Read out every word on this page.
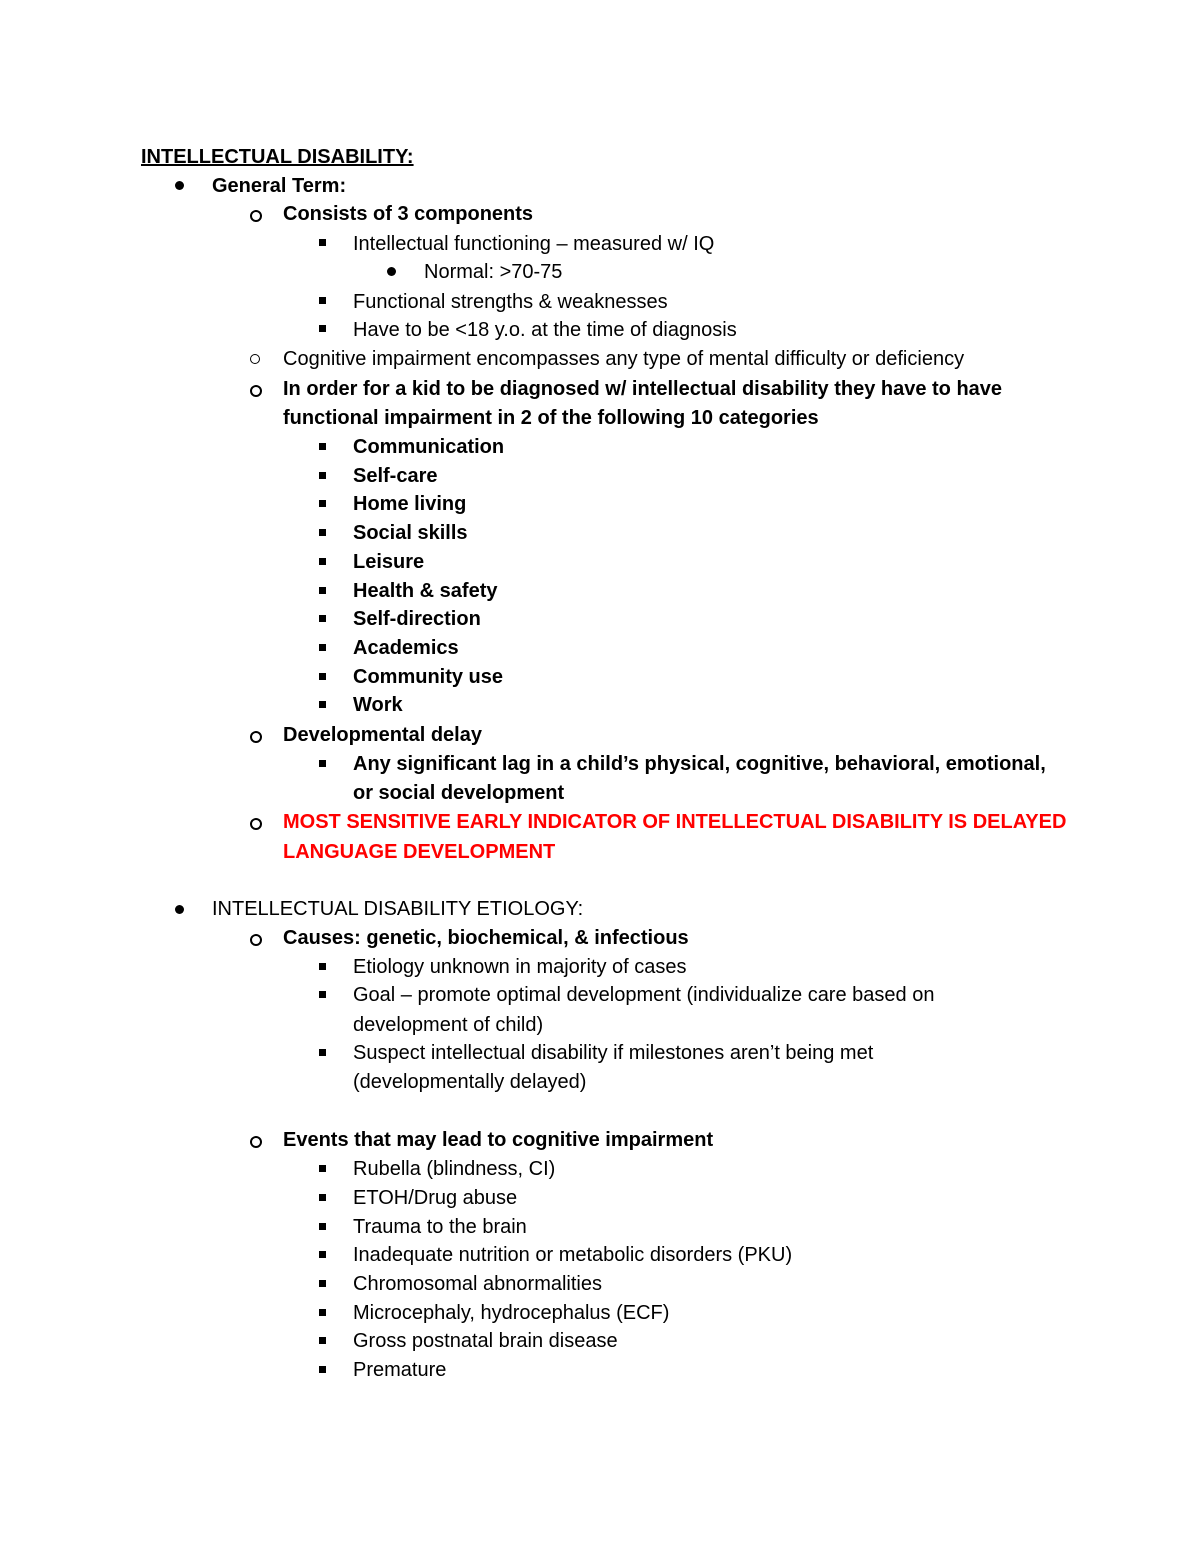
INTELLECTUAL DISABILITY:
General Term:
Consists of 3 components
Intellectual functioning – measured w/ IQ
Normal: >70-75
Functional strengths & weaknesses
Have to be <18 y.o. at the time of diagnosis
Cognitive impairment encompasses any type of mental difficulty or deficiency
In order for a kid to be diagnosed w/ intellectual disability they have to have
functional impairment in 2 of the following 10 categories
Communication
Self-care
Home living
Social skills
Leisure
Health & safety
Self-direction
Academics
Community use
Work
Developmental delay
Any significant lag in a child’s physical, cognitive, behavioral, emotional,
or social development
MOST SENSITIVE EARLY INDICATOR OF INTELLECTUAL DISABILITY IS DELAYED
LANGUAGE DEVELOPMENT
INTELLECTUAL DISABILITY ETIOLOGY:
Causes: genetic, biochemical, & infectious
Etiology unknown in majority of cases
Goal – promote optimal development (individualize care based on
development of child)
Suspect intellectual disability if milestones aren’t being met
(developmentally delayed)
Events that may lead to cognitive impairment
Rubella (blindness, CI)
ETOH/Drug abuse
Trauma to the brain
Inadequate nutrition or metabolic disorders (PKU)
Chromosomal abnormalities
Microcephaly, hydrocephalus (ECF)
Gross postnatal brain disease
Premature
